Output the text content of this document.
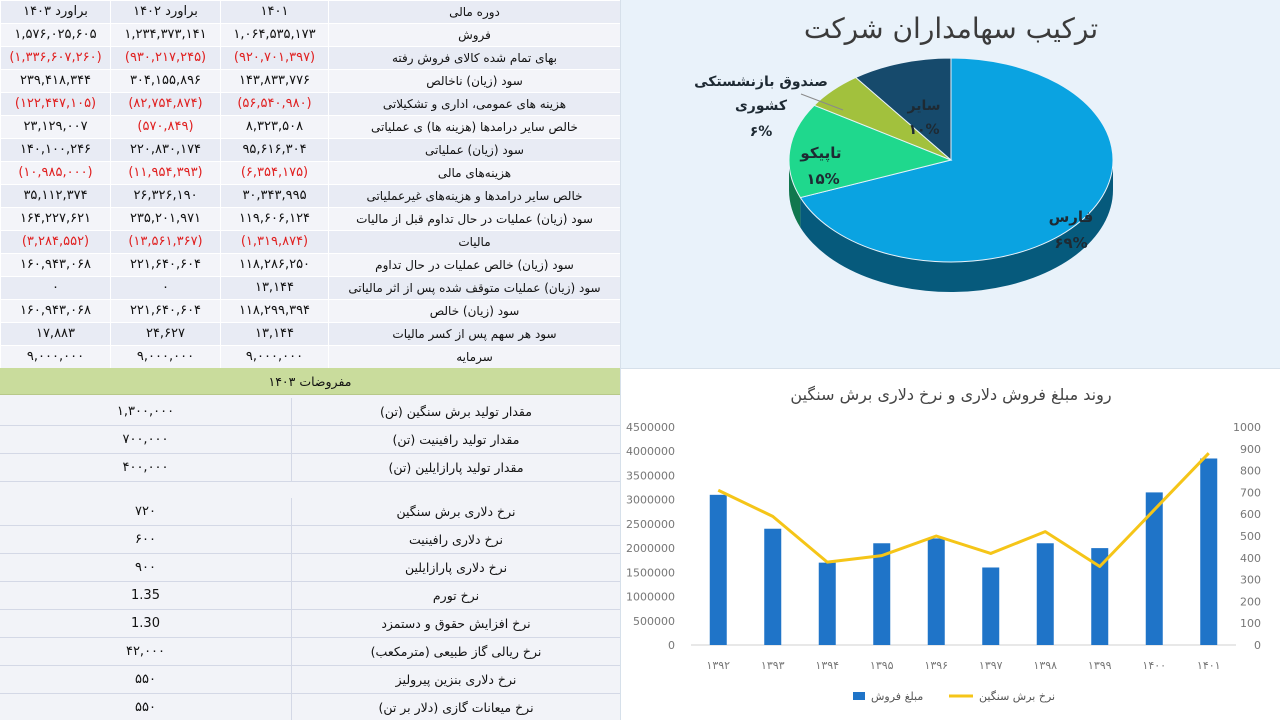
۱۴۰۳ براورد	۱۴۰۲ براورد	۱۴۰۱	دوره مالی
۱,۵۷۶,۰۲۵,۶۰۵	۱,۲۳۴,۳۷۳,۱۴۱	۱,۰۶۴,۵۳۵,۱۷۳	فروش
(۱,۳۳۶,۶۰۷,۲۶۰)	(۹۳۰,۲۱۷,۲۴۵)	(۹۲۰,۷۰۱,۳۹۷)	بهای تمام شده کالای فروش رفته
۲۳۹,۴۱۸,۳۴۴	۳۰۴,۱۵۵,۸۹۶	۱۴۳,۸۳۳,۷۷۶	سود (زیان) ناخالص
(۱۲۲,۴۴۷,۱۰۵)	(۸۲,۷۵۴,۸۷۴)	(۵۶,۵۴۰,۹۸۰)	هزینه های عمومی، اداری و تشکیلاتی
۲۳,۱۲۹,۰۰۷	(۵۷۰,۸۴۹)	۸,۳۲۳,۵۰۸	خالص سایر درامدها (هزینه ها) ی عملیاتی
۱۴۰,۱۰۰,۲۴۶	۲۲۰,۸۳۰,۱۷۴	۹۵,۶۱۶,۳۰۴	سود (زیان) عملیاتی
(۱۰,۹۸۵,۰۰۰)	(۱۱,۹۵۴,۳۹۳)	(۶,۳۵۴,۱۷۵)	هزینه‌های مالی
۳۵,۱۱۲,۳۷۴	۲۶,۳۲۶,۱۹۰	۳۰,۳۴۳,۹۹۵	خالص سایر درامدها و هزینه‌های غیرعملیاتی
۱۶۴,۲۲۷,۶۲۱	۲۳۵,۲۰۱,۹۷۱	۱۱۹,۶۰۶,۱۲۴	سود (زیان) عملیات در حال تداوم قبل از مالیات
(۳,۲۸۴,۵۵۲)	(۱۳,۵۶۱,۳۶۷)	(۱,۳۱۹,۸۷۴)	مالیات
۱۶۰,۹۴۳,۰۶۸	۲۲۱,۶۴۰,۶۰۴	۱۱۸,۲۸۶,۲۵۰	سود (زیان) خالص عملیات در حال تداوم
۰	۰	۱۳,۱۴۴	سود (زیان) عملیات متوقف شده پس از اثر مالیاتی
۱۶۰,۹۴۳,۰۶۸	۲۲۱,۶۴۰,۶۰۴	۱۱۸,۲۹۹,۳۹۴	سود (زیان) خالص
۱۷,۸۸۳	۲۴,۶۲۷	۱۳,۱۴۴	سود هر سهم پس از کسر مالیات
۹,۰۰۰,۰۰۰	۹,۰۰۰,۰۰۰	۹,۰۰۰,۰۰۰	سرمایه
مفروضات ۱۴۰۳
۱,۳۰۰,۰۰۰	مقدار تولید برش سنگین (تن)
۷۰۰,۰۰۰	مقدار تولید رافینیت (تن)
۴۰۰,۰۰۰	مقدار تولید پارازایلین (تن)
۷۲۰	نرخ دلاری برش سنگین
۶۰۰	نرخ دلاری رافینیت
۹۰۰	نرخ دلاری پارازایلین
1.35	نرخ تورم
1.30	نرخ افزایش حقوق و دستمزد
۴۲,۰۰۰	نرخ ریالی گاز طبیعی (مترمکعب)
۵۵۰	نرخ دلاری بنزین پیرولیز
۵۵۰	نرخ میعانات گازی (دلار بر تن)
فارس
۶۹%
تاپیکو
۱۵%
صندوق بازنشستکی
کشوری
۶%
سایر
۱۰%
ترکیب سهامداران شرکت
0
500000
1000000
1500000
2000000
2500000
3000000
3500000
4000000
4500000
0
100
200
300
400
500
600
700
800
900
1000
۱۳۹۲	۱۳۹۳	۱۳۹۴	۱۳۹۵	۱۳۹۶	۱۳۹۷	۱۳۹۸	۱۳۹۹	۱۴۰۰	۱۴۰۱
مبلغ فروش	نرخ برش سنگین
روند مبلغ فروش دلاری و نرخ دلاری برش سنگین
